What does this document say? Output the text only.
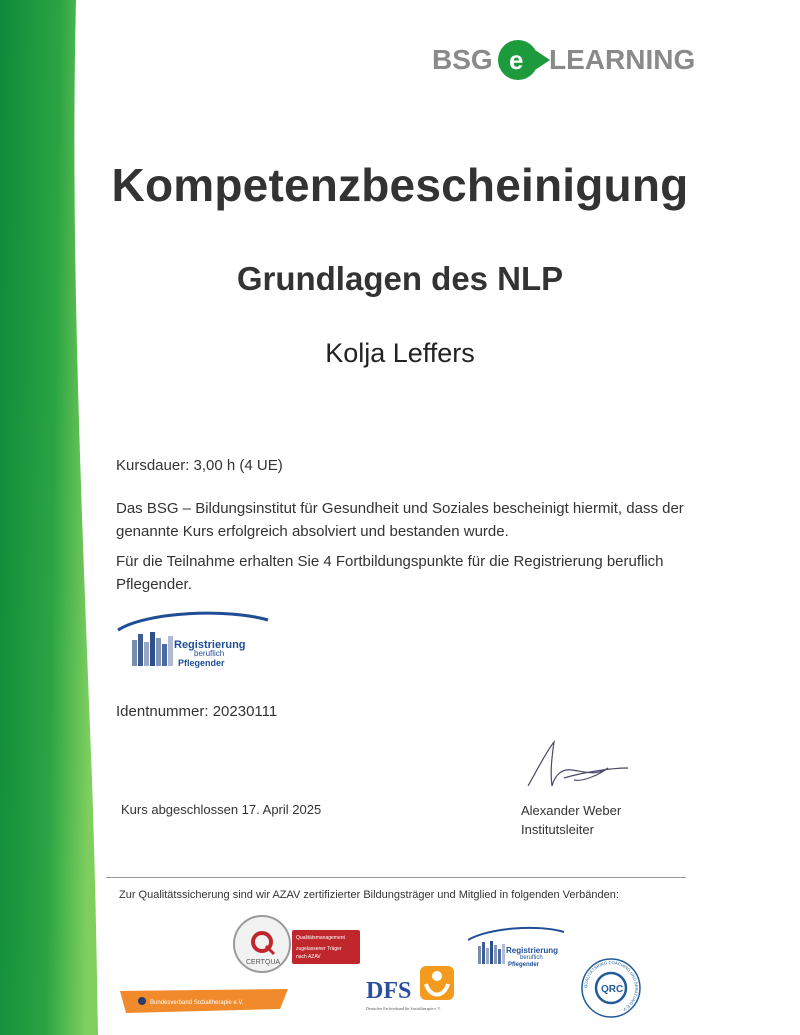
BSG e LEARNING
Kompetenzbescheinigung
Grundlagen des NLP
Kolja Leffers
Kursdauer: 3,00 h (4 UE)
Das BSG – Bildungsinstitut für Gesundheit und Soziales bescheinigt hiermit, dass der genannte Kurs erfolgreich absolviert und bestanden wurde.
Für die Teilnahme erhalten Sie 4 Fortbildungspunkte für die Registrierung beruflich Pflegender.
Registrierung
beruflich
Pflegender
Identnummer: 20230111
Kurs abgeschlossen 17. April 2025	Alexander Weber
Institutsleiter
Zur Qualitätssicherung sind wir AZAV zertifizierter Bildungsträger und Mitglied in folgenden Verbänden:
CERTQUA
Qualitätsmanagement
zugelassener Träger
nach AZAV
Bundesverband Sozialtherapie e.V.	DFS
Deutscher Fachverband für Sozialtherapie e.V.
Registrierung
beruflich
Pflegender
QUALITÄTSRING COACHING UND BERATUNG E.V.
QRC
